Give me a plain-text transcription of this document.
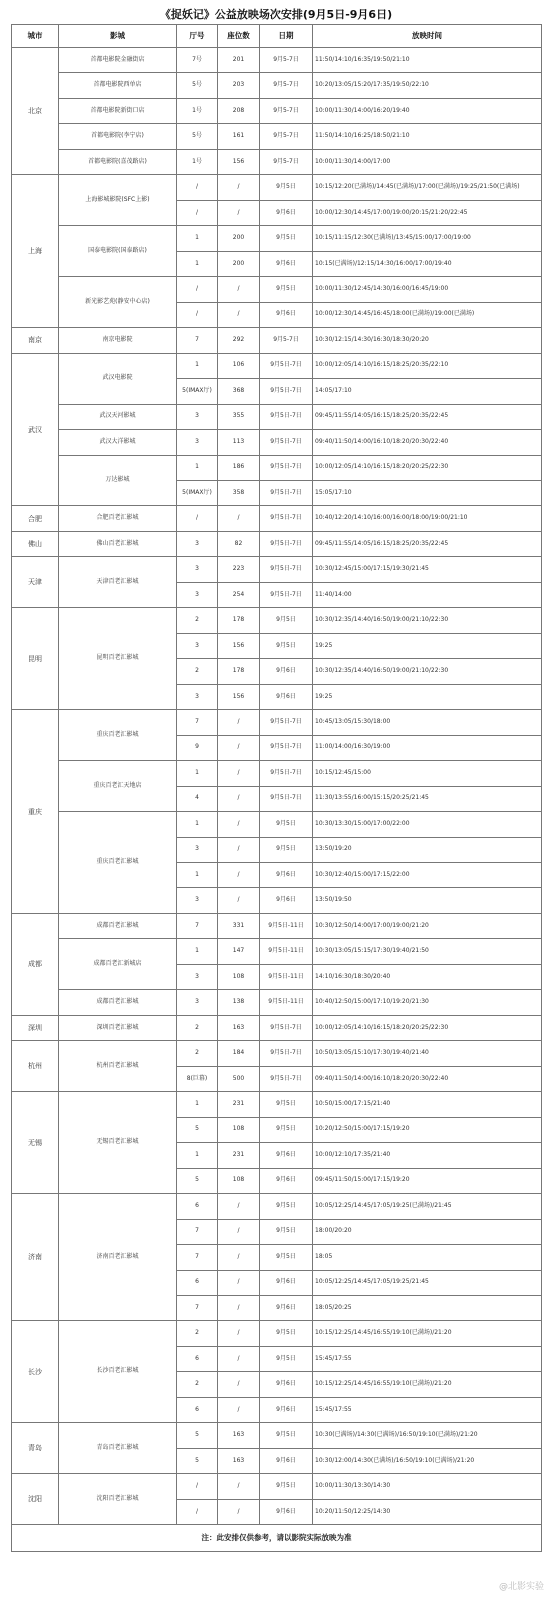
《捉妖记》公益放映场次安排(9月5日-9月6日)
城市	影城	厅号	座位数	日期	放映时间
北京	首都电影院金融街店	7号	201	9月5-7日	11:50/14:10/16:35/19:50/21:10
	首都电影院西单店	5号	203	9月5-7日	10:20/13:05/15:20/17:35/19:50/22:10
	首都电影院新街口店	1号	208	9月5-7日	10:00/11:30/14:00/16:20/19:40
	首都电影院(李宁店)	5号	161	9月5-7日	11:50/14:10/16:25/18:50/21:10
	首都电影院(喜茂路店)	1号	156	9月5-7日	10:00/11:30/14:00/17:00
上海	上海影城影院(SFC上影)	/	/	9月5日	10:15/12:20(已满场)/14:45(已满场)/17:00(已满场)/19:25/21:50(已满场)
		/	/	9月6日	10:00/12:30/14:45/17:00/19:00/20:15/21:20/22:45
	国泰电影院(国泰路店)	1	200	9月5日	10:15/11:15/12:30(已满场)/13:45/15:00/17:00/19:00
		1	200	9月6日	10:15(已满场)/12:15/14:30/16:00/17:00/19:40
	新光影艺苑(静安中心店)	/	/	9月5日	10:00/11:30/12:45/14:30/16:00/16:45/19:00
		/	/	9月6日	10:00/12:30/14:45/16:45/18:00(已满场)/19:00(已满场)
南京	南京电影院	7	292	9月5-7日	10:30/12:15/14:30/16:30/18:30/20:20
武汉	武汉电影院	1	106	9月5日-7日	10:00/12:05/14:10/16:15/18:25/20:35/22:10
		5(IMAX厅)	368	9月5日-7日	14:05/17:10
	武汉天河影城	3	355	9月5日-7日	09:45/11:55/14:05/16:15/18:25/20:35/22:45
	武汉大洋影城	3	113	9月5日-7日	09:40/11:50/14:00/16:10/18:20/20:30/22:40
	万达影城	1	186	9月5日-7日	10:00/12:05/14:10/16:15/18:20/20:25/22:30
		5(IMAX厅)	358	9月5日-7日	15:05/17:10
合肥	合肥百老汇影城	/	/	9月5日-7日	10:40/12:20/14:10/16:00/16:00/18:00/19:00/21:10
佛山	佛山百老汇影城	3	82	9月5日-7日	09:45/11:55/14:05/16:15/18:25/20:35/22:45
天津	天津百老汇影城	3	223	9月5日-7日	10:30/12:45/15:00/17:15/19:30/21:45
		3	254	9月5日-7日	11:40/14:00
昆明	昆明百老汇影城	2	178	9月5日	10:30/12:35/14:40/16:50/19:00/21:10/22:30
		3	156	9月5日	19:25
		2	178	9月6日	10:30/12:35/14:40/16:50/19:00/21:10/22:30
		3	156	9月6日	19:25
重庆	重庆百老汇影城	7	/	9月5日-7日	10:45/13:05/15:30/18:00
		9	/	9月5日-7日	11:00/14:00/16:30/19:00
	重庆百老汇天地店	1	/	9月5日-7日	10:15/12:45/15:00
		4	/	9月5日-7日	11:30/13:55/16:00/15:15/20:25/21:45
	重庆百老汇影城	1	/	9月5日	10:30/13:30/15:00/17:00/22:00
		3	/	9月5日	13:50/19:20
		1	/	9月6日	10:30/12:40/15:00/17:15/22:00
		3	/	9月6日	13:50/19:50
成都	成都百老汇影城	7	331	9月5日-11日	10:30/12:50/14:00/17:00/19:00/21:20
	成都百老汇新城店	1	147	9月5日-11日	10:30/13:05/15:15/17:30/19:40/21:50
		3	108	9月5日-11日	14:10/16:30/18:30/20:40
	成都百老汇影城	3	138	9月5日-11日	10:40/12:50/15:00/17:10/19:20/21:30
深圳	深圳百老汇影城	2	163	9月5日-7日	10:00/12:05/14:10/16:15/18:20/20:25/22:30
杭州	杭州百老汇影城	2	184	9月5日-7日	10:50/13:05/15:10/17:30/19:40/21:40
		8(巨幕)	500	9月5日-7日	09:40/11:50/14:00/16:10/18:20/20:30/22:40
无锡	无锡百老汇影城	1	231	9月5日	10:50/15:00/17:15/21:40
		5	108	9月5日	10:20/12:50/15:00/17:15/19:20
		1	231	9月6日	10:00/12:10/17:35/21:40
		5	108	9月6日	09:45/11:50/15:00/17:15/19:20
济南	济南百老汇影城	6	/	9月5日	10:05/12:25/14:45/17:05/19:25(已满场)/21:45
		7	/	9月5日	18:00/20:20
		7	/	9月5日	18:05
		6	/	9月6日	10:05/12:25/14:45/17:05/19:25/21:45
		7	/	9月6日	18:05/20:25
长沙	长沙百老汇影城	2	/	9月5日	10:15/12:25/14:45/16:55/19:10(已满场)/21:20
		6	/	9月5日	15:45/17:55
		2	/	9月6日	10:15/12:25/14:45/16:55/19:10(已满场)/21:20
		6	/	9月6日	15:45/17:55
青岛	青岛百老汇影城	5	163	9月5日	10:30(已满场)/14:30(已满场)/16:50/19:10(已满场)/21:20
		5	163	9月6日	10:30/12:00/14:30(已满场)/16:50/19:10(已满场)/21:20
沈阳	沈阳百老汇影城	/	/	9月5日	10:00/11:30/13:30/14:30
		/	/	9月6日	10:20/11:50/12:25/14:30
注：此安排仅供参考，请以影院实际放映为准					
@北影实验
